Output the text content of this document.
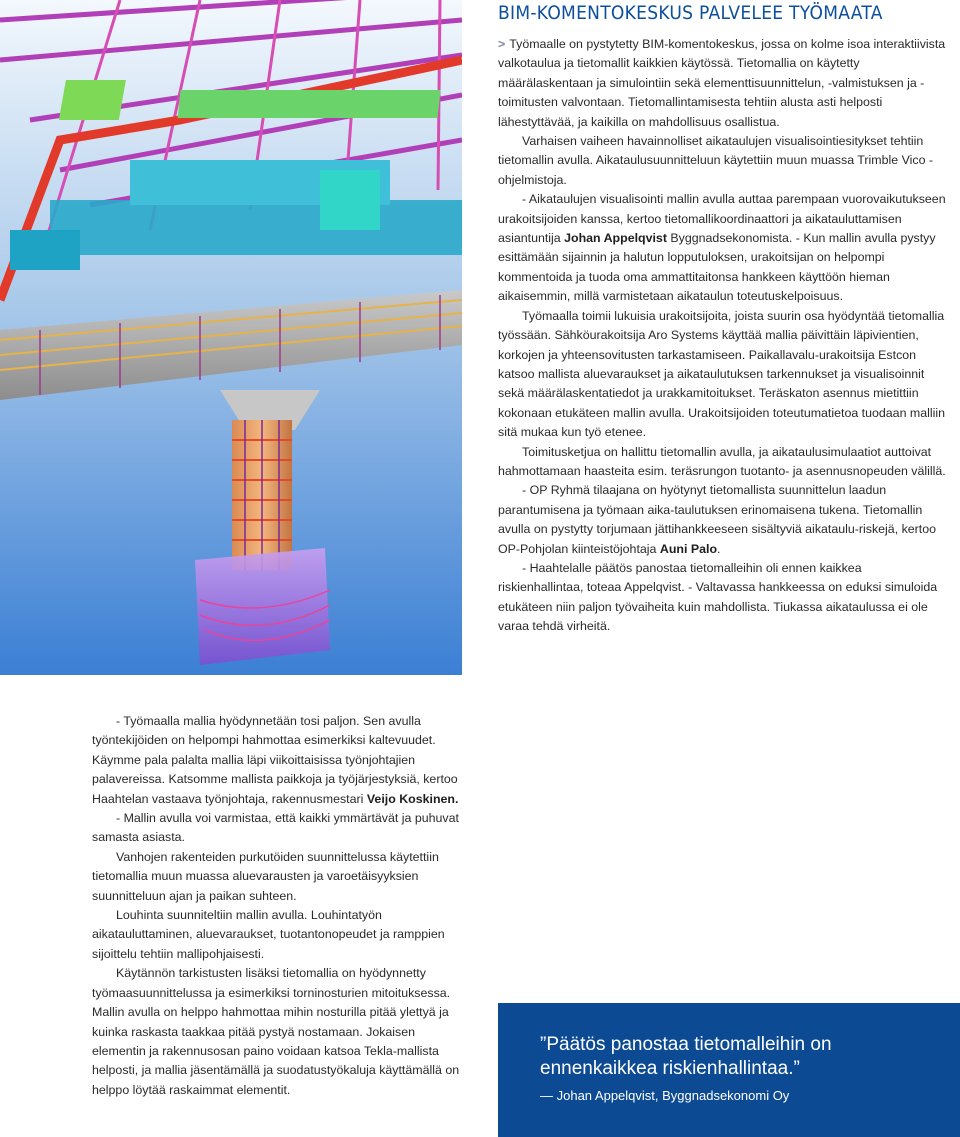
BIM-KOMENTOKESKUS PALVELEE TYÖMAATA

> Työmaalle on pystytetty BIM-komentokeskus, jossa on kolme isoa interaktiivista valkotaulua ja tietomallit kaikkien käytössä. Tietomallia on käytetty määrälaskentaan ja simulointiin sekä elementtisuunnittelun, -valmistuksen ja -toimitusten valvontaan. Tietomallintamisesta tehtiin alusta asti helposti lähestyttävää, ja kaikilla on mahdollisuus osallistua.

Varhaisen vaiheen havainnolliset aikataulujen visualisointiesitykset tehtiin tietomallin avulla. Aikataulusuunnitteluun käytettiin muun muassa Trimble Vico -ohjelmistoja.

- Aikataulujen visualisointi mallin avulla auttaa parempaan vuorovaikutukseen urakoitsijoiden kanssa, kertoo tietomallikoordinaattori ja aikatauluttamisen asiantuntija Johan Appelqvist Byggnadsekonomista. - Kun mallin avulla pystyy esittämään sijainnin ja halutun lopputuloksen, urakoitsijan on helpompi kommentoida ja tuoda oma ammattitaitonsa hankkeen käyttöön hieman aikaisemmin, millä varmistetaan aikataulun toteutuskelpoisuus.

Työmaalla toimii lukuisia urakoitsijoita, joista suurin osa hyödyntää tietomallia työssään. Sähköurakoitsija Aro Systems käyttää mallia päivittäin läpivientien, korkojen ja yhteensovitusten tarkastamiseen. Paikallavalu-urakoitsija Estcon katsoo mallista aluevaraukset ja aikataulutuksen tarkennukset ja visualisoinnit sekä määrälaskentatiedot ja urakkamitoitukset. Teräskaton asennus mietittiin kokonaan etukäteen mallin avulla. Urakoitsijoiden toteutumatietoa tuodaan malliin sitä mukaa kun työ etenee.

Toimitusketjua on hallittu tietomallin avulla, ja aikataulusimulaatiot auttoivat hahmottamaan haasteita esim. teräsrungon tuotanto- ja asennusnopeuden välillä.

- OP Ryhmä tilaajana on hyötynyt tietomallista suunnittelun laadun parantumisena ja työmaan aika-taulutuksen erinomaisena tukena. Tietomallin avulla on pystytty torjumaan jättihankkeeseen sisältyviä aikataulu-riskejä, kertoo OP-Pohjolan kiinteistöjohtaja Auni Palo.

- Haahtelalle päätös panostaa tietomalleihin oli ennen kaikkea riskienhallintaa, toteaa Appelqvist. - Valtavassa hankkeessa on eduksi simuloida etukäteen niin paljon työvaiheita kuin mahdollista. Tiukassa aikataulussa ei ole varaa tehdä virheitä.

- Työmaalla mallia hyödynnetään tosi paljon. Sen avulla työntekijöiden on helpompi hahmottaa esimerkiksi kaltevuudet. Käymme pala palalta mallia läpi viikoittaisissa työnjohtajien palavereissa. Katsomme mallista paikkoja ja työjärjestyksiä, kertoo Haahtelan vastaava työnjohtaja, rakennusmestari Veijo Koskinen.

- Mallin avulla voi varmistaa, että kaikki ymmärtävät ja puhuvat samasta asiasta.

Vanhojen rakenteiden purkutöiden suunnittelussa käytettiin tietomallia muun muassa aluevarausten ja varoetäisyyksien suunnitteluun ajan ja paikan suhteen.

Louhinta suunniteltiin mallin avulla. Louhintatyön aikatauluttaminen, aluevaraukset, tuotantonopeudet ja ramppien sijoittelu tehtiin mallipohjaisesti.

Käytännön tarkistusten lisäksi tietomallia on hyödynnetty työmaasuunnittelussa ja esimerkiksi torninosturien mitoituksessa. Mallin avulla on helppo hahmottaa mihin nosturilla pitää ylettyä ja kuinka raskasta taakkaa pitää pystyä nostamaan. Jokaisen elementin ja rakennusosan paino voidaan katsoa Tekla-mallista helposti, ja mallia jäsentämällä ja suodatustyökaluja käyttämällä on helppo löytää raskaimmat elementit.

”Päätös panostaa tietomalleihin on ennenkaikkea riskienhallintaa.”
— Johan Appelqvist, Byggnadsekonomi Oy
